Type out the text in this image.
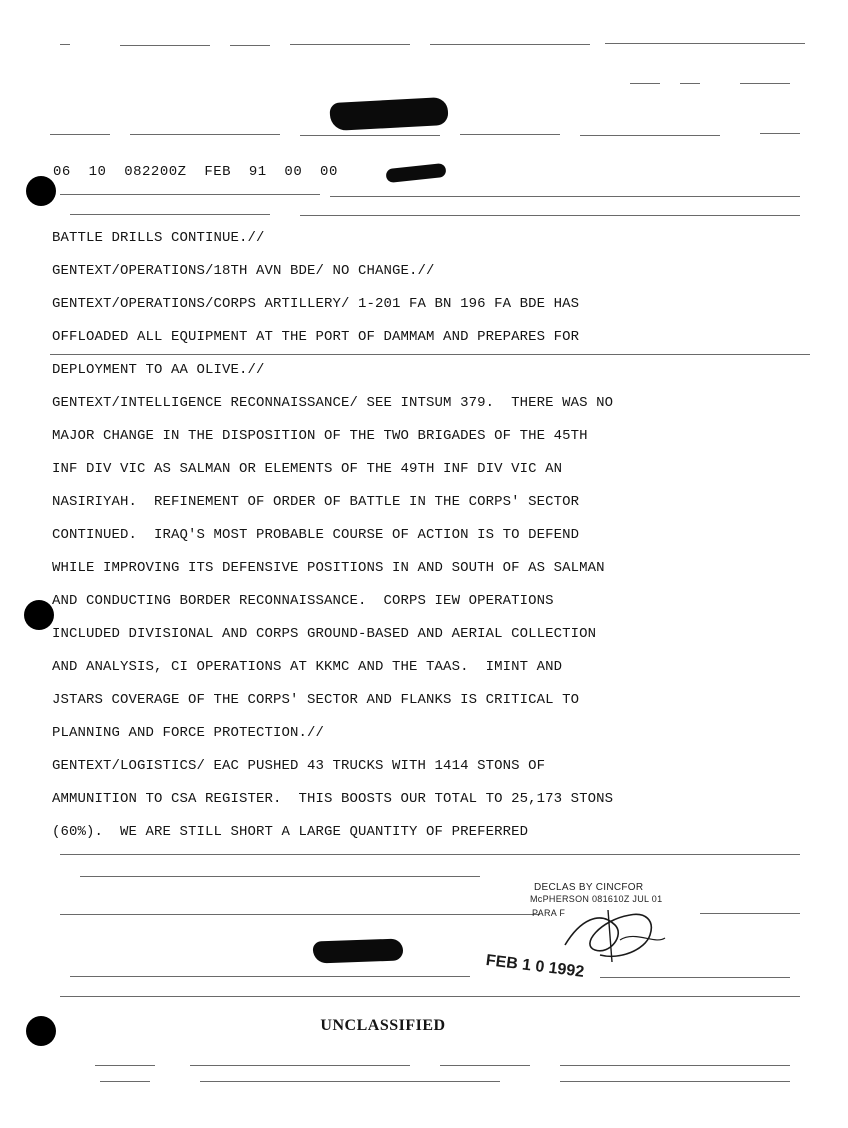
06  10  082200Z  FEB  91  00  00
BATTLE DRILLS CONTINUE.//
GENTEXT/OPERATIONS/18TH AVN BDE/ NO CHANGE.//
GENTEXT/OPERATIONS/CORPS ARTILLERY/ 1-201 FA BN 196 FA BDE HAS
OFFLOADED ALL EQUIPMENT AT THE PORT OF DAMMAM AND PREPARES FOR
DEPLOYMENT TO AA OLIVE.//
GENTEXT/INTELLIGENCE RECONNAISSANCE/ SEE INTSUM 379.  THERE WAS NO
MAJOR CHANGE IN THE DISPOSITION OF THE TWO BRIGADES OF THE 45TH
INF DIV VIC AS SALMAN OR ELEMENTS OF THE 49TH INF DIV VIC AN
NASIRIYAH.  REFINEMENT OF ORDER OF BATTLE IN THE CORPS' SECTOR
CONTINUED.  IRAQ'S MOST PROBABLE COURSE OF ACTION IS TO DEFEND
WHILE IMPROVING ITS DEFENSIVE POSITIONS IN AND SOUTH OF AS SALMAN
AND CONDUCTING BORDER RECONNAISSANCE.  CORPS IEW OPERATIONS
INCLUDED DIVISIONAL AND CORPS GROUND-BASED AND AERIAL COLLECTION
AND ANALYSIS, CI OPERATIONS AT KKMC AND THE TAAS.  IMINT AND
JSTARS COVERAGE OF THE CORPS' SECTOR AND FLANKS IS CRITICAL TO
PLANNING AND FORCE PROTECTION.//
GENTEXT/LOGISTICS/ EAC PUSHED 43 TRUCKS WITH 1414 STONS OF
AMMUNITION TO CSA REGISTER.  THIS BOOSTS OUR TOTAL TO 25,173 STONS
(60%).  WE ARE STILL SHORT A LARGE QUANTITY OF PREFERRED
DECLAS BY CINCFOR
McPHERSON 081610Z JUL 01
PARA F
FEB 1 0 1992
UNCLASSIFIED
